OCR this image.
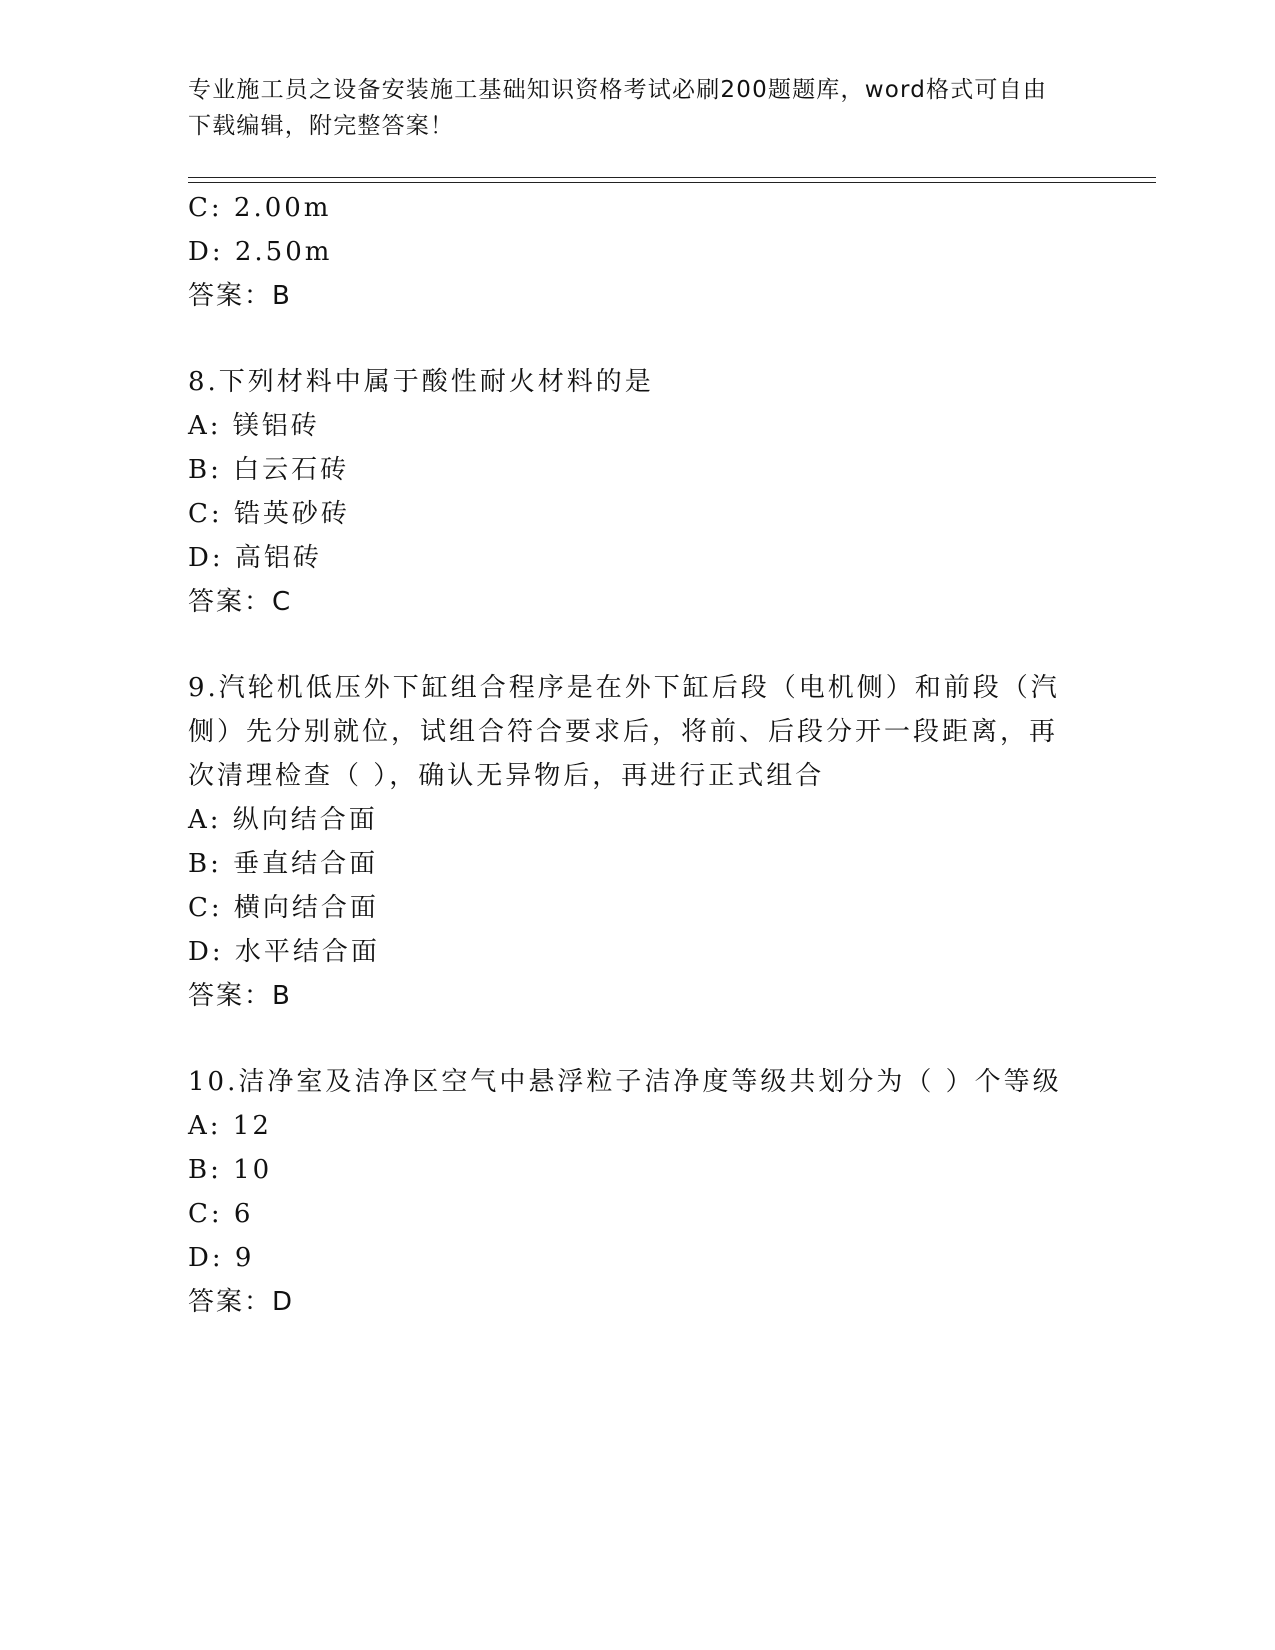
专业施工员之设备安装施工基础知识资格考试必刷200题题库，word格式可自由
下载编辑，附完整答案！
C: 2.00m
D: 2.50m
答案：B
8.下列材料中属于酸性耐火材料的是
A: 镁铝砖
B: 白云石砖
C: 锆英砂砖
D: 高铝砖
答案：C
9.汽轮机低压外下缸组合程序是在外下缸后段（电机侧）和前段（汽
侧）先分别就位，试组合符合要求后，将前、后段分开一段距离，再
次清理检查（ ），确认无异物后，再进行正式组合
A: 纵向结合面
B: 垂直结合面
C: 横向结合面
D: 水平结合面
答案：B
10.洁净室及洁净区空气中悬浮粒子洁净度等级共划分为（ ）个等级
A: 12
B: 10
C: 6
D: 9
答案：D
